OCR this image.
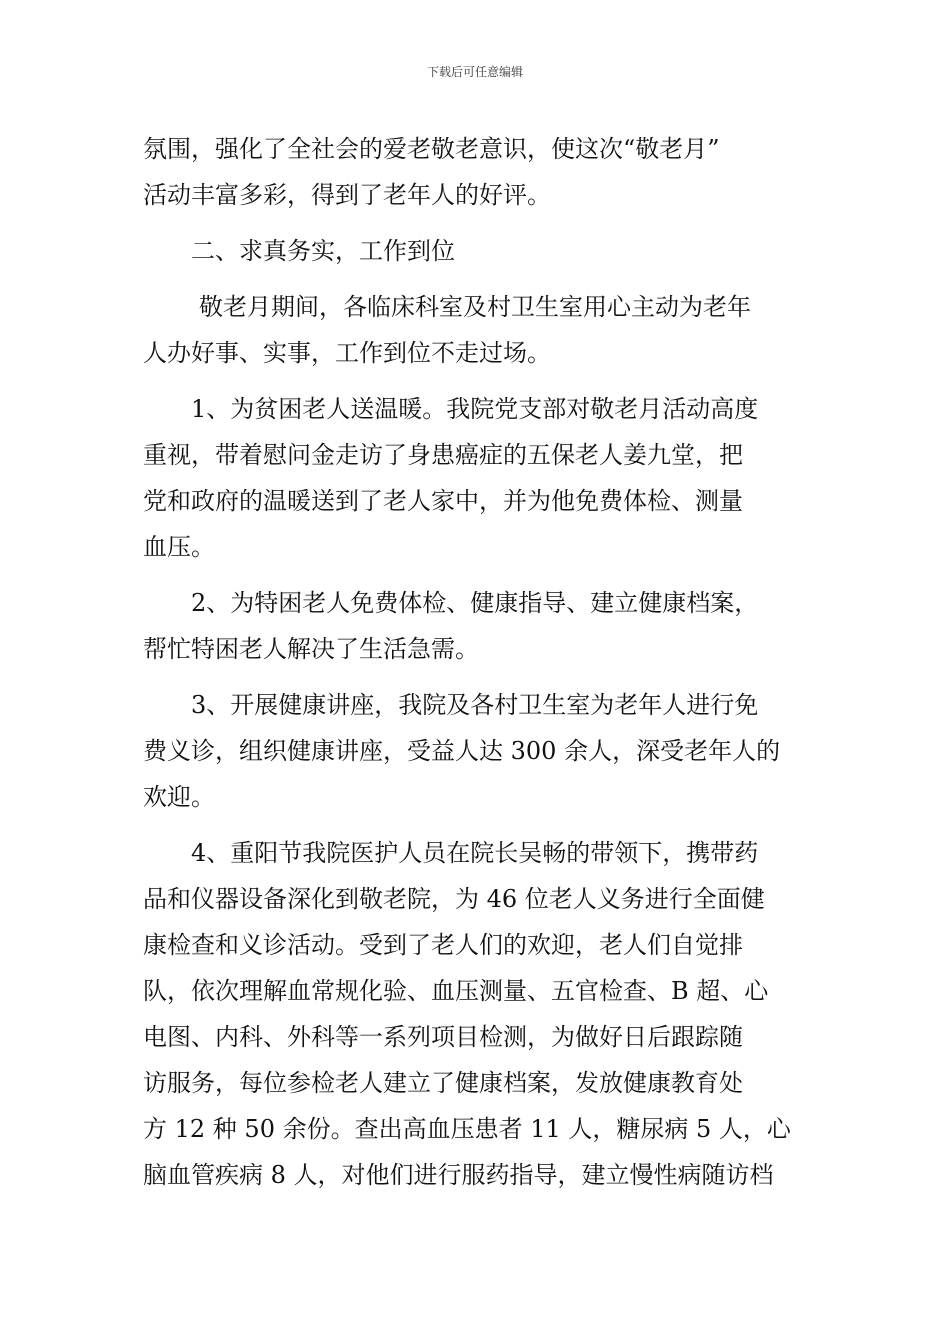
下载后可任意编辑
氛围，强化了全社会的爱老敬老意识，使这次“敬老月”
活动丰富多彩，得到了老年人的好评。
二、求真务实，工作到位
敬老月期间，各临床科室及村卫生室用心主动为老年
人办好事、实事，工作到位不走过场。
1、为贫困老人送温暖。我院党支部对敬老月活动高度
重视，带着慰问金走访了身患癌症的五保老人姜九堂，把
党和政府的温暖送到了老人家中，并为他免费体检、测量
血压。
2、为特困老人免费体检、健康指导、建立健康档案，
帮忙特困老人解决了生活急需。
3、开展健康讲座，我院及各村卫生室为老年人进行免
费义诊，组织健康讲座，受益人达 300 余人，深受老年人的
欢迎。
4、重阳节我院医护人员在院长吴畅的带领下，携带药
品和仪器设备深化到敬老院，为 46 位老人义务进行全面健
康检查和义诊活动。受到了老人们的欢迎，老人们自觉排
队，依次理解血常规化验、血压测量、五官检查、B 超、心
电图、内科、外科等一系列项目检测，为做好日后跟踪随
访服务，每位参检老人建立了健康档案，发放健康教育处
方 12 种 50 余份。查出高血压患者 11 人，糖尿病 5 人，心
脑血管疾病 8 人，对他们进行服药指导，建立慢性病随访档
